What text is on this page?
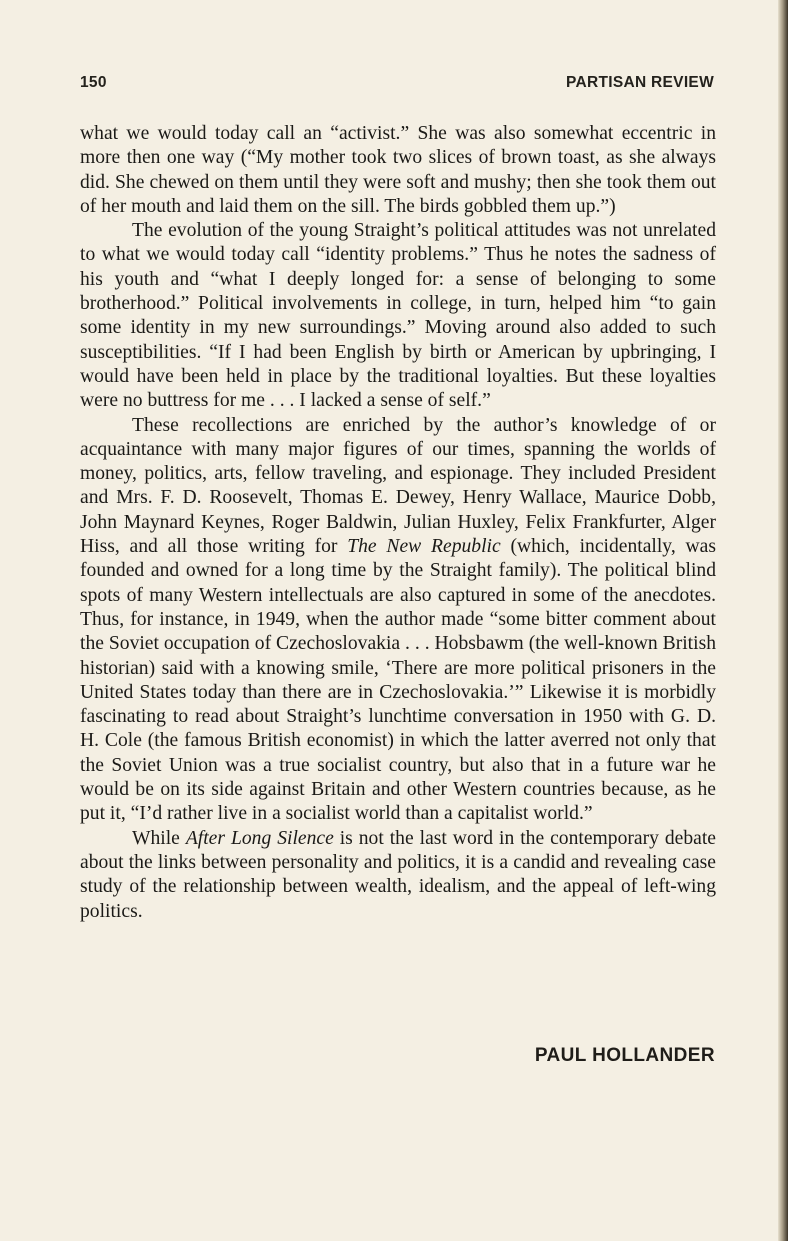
150	PARTISAN REVIEW

what we would today call an “activist.” She was also somewhat eccentric in more then one way (“My mother took two slices of brown toast, as she always did. She chewed on them until they were soft and mushy; then she took them out of her mouth and laid them on the sill. The birds gobbled them up.”)

The evolution of the young Straight’s political attitudes was not unrelated to what we would today call “identity problems.” Thus he notes the sadness of his youth and “what I deeply longed for: a sense of belonging to some brotherhood.” Political involvements in college, in turn, helped him “to gain some identity in my new surroundings.” Moving around also added to such susceptibilities. “If I had been English by birth or American by upbringing, I would have been held in place by the traditional loyalties. But these loyalties were no buttress for me . . . I lacked a sense of self.”

These recollections are enriched by the author’s knowledge of or acquaintance with many major figures of our times, spanning the worlds of money, politics, arts, fellow traveling, and espionage. They included President and Mrs. F. D. Roosevelt, Thomas E. Dewey, Henry Wallace, Maurice Dobb, John Maynard Keynes, Roger Baldwin, Julian Huxley, Felix Frankfurter, Alger Hiss, and all those writing for The New Republic (which, incidentally, was founded and owned for a long time by the Straight family). The political blind spots of many Western intellectuals are also captured in some of the anecdotes. Thus, for instance, in 1949, when the author made “some bitter comment about the Soviet occupation of Czechoslovakia . . . Hobsbawm (the well-known British historian) said with a knowing smile, ‘There are more political prisoners in the United States today than there are in Czechoslovakia.’” Likewise it is morbidly fascinating to read about Straight’s lunchtime conversation in 1950 with G. D. H. Cole (the famous British economist) in which the latter averred not only that the Soviet Union was a true socialist country, but also that in a future war he would be on its side against Britain and other Western countries because, as he put it, “I’d rather live in a socialist world than a capitalist world.”

While After Long Silence is not the last word in the contemporary debate about the links between personality and politics, it is a candid and revealing case study of the relationship between wealth, idealism, and the appeal of left-wing politics.

PAUL HOLLANDER
